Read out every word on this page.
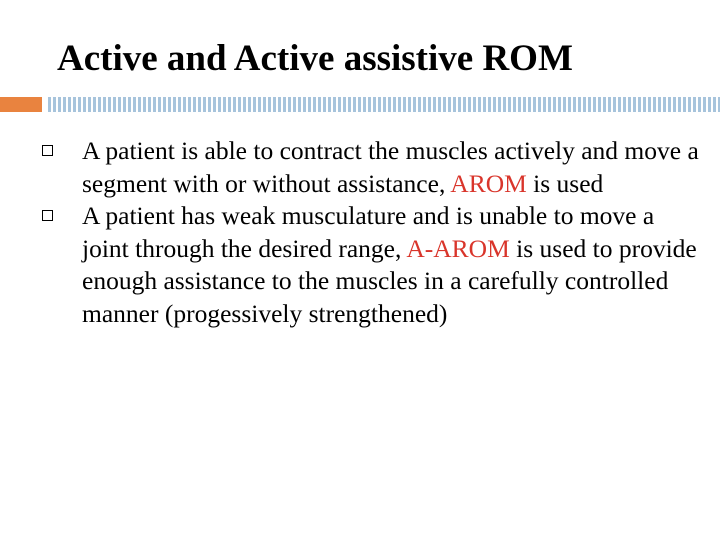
Active and Active assistive ROM
A patient is able to contract the muscles actively and move a segment with or without assistance, AROM is used
A patient has weak musculature and is unable to move a joint through the desired range, A-AROM is used to provide enough assistance to the muscles in a carefully controlled manner (progessively strengthened)
